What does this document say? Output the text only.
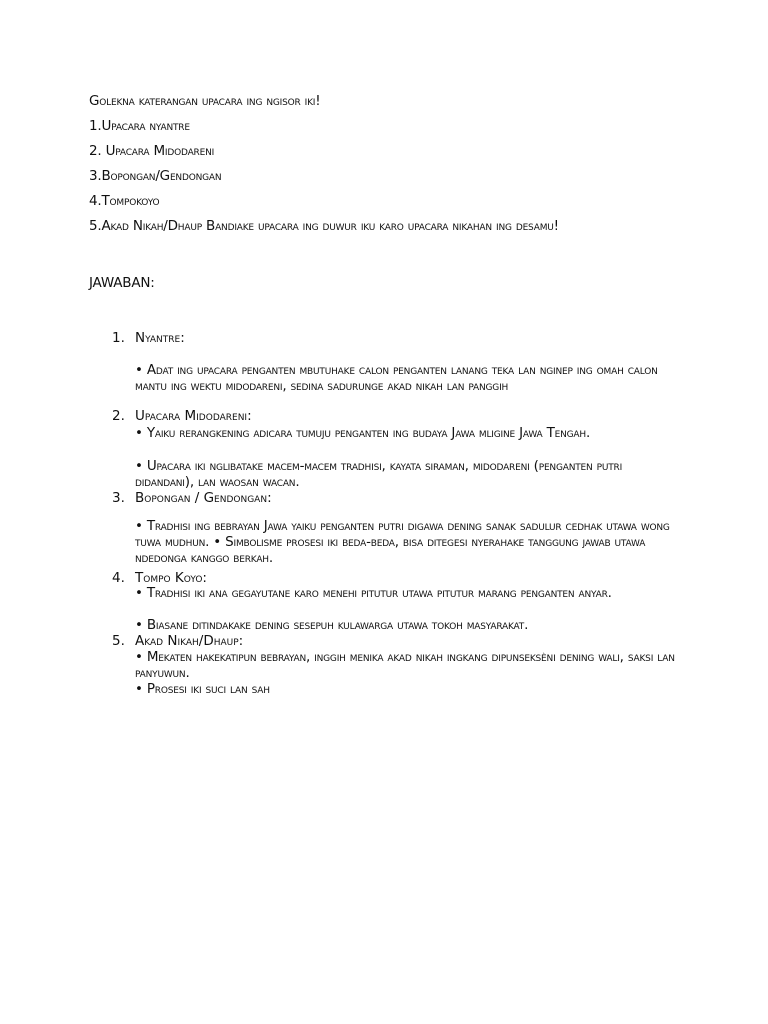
Golekna katerangan upacara ing ngisor iki!
1.Upacara nyantre
2. Upacara Midodareni
3.Bopongan/Gendongan
4.Tompokoyo
5.Akad Nikah/Dhaup Bandiake upacara ing duwur iku karo upacara nikahan ing desamu!
JAWABAN:
1. Nyantre:
• Adat ing upacara penganten mbutuhake calon penganten lanang teka lan nginep ing omah calon mantu ing wektu midodareni, sedina sadurunge akad nikah lan panggih
2. Upacara Midodareni:
• Yaiku rerangkening adicara tumuju penganten ing budaya Jawa mligine Jawa Tengah.
• Upacara iki nglibatake macem-macem tradhisi, kayata siraman, midodareni (penganten putri didandani), lan waosan wacan.
3. Bopongan / Gendongan:
• Tradhisi ing bebrayan Jawa yaiku penganten putri digawa dening sanak sadulur cedhak utawa wong tuwa mudhun. • Simbolisme prosesi iki beda-beda, bisa ditegesi nyerahake tanggung jawab utawa ndedonga kanggo berkah.
4. Tompo Koyo:
• Tradhisi iki ana gegayutane karo menehi pitutur utawa pitutur marang penganten anyar.
• Biasane ditindakake dening sesepuh kulawarga utawa tokoh masyarakat.
5. Akad Nikah/Dhaup:
• Mekaten hakekatipun bebrayan, inggih menika akad nikah ingkang dipunseksèni dening wali, saksi lan panyuwun.
• Prosesi iki suci lan sah
